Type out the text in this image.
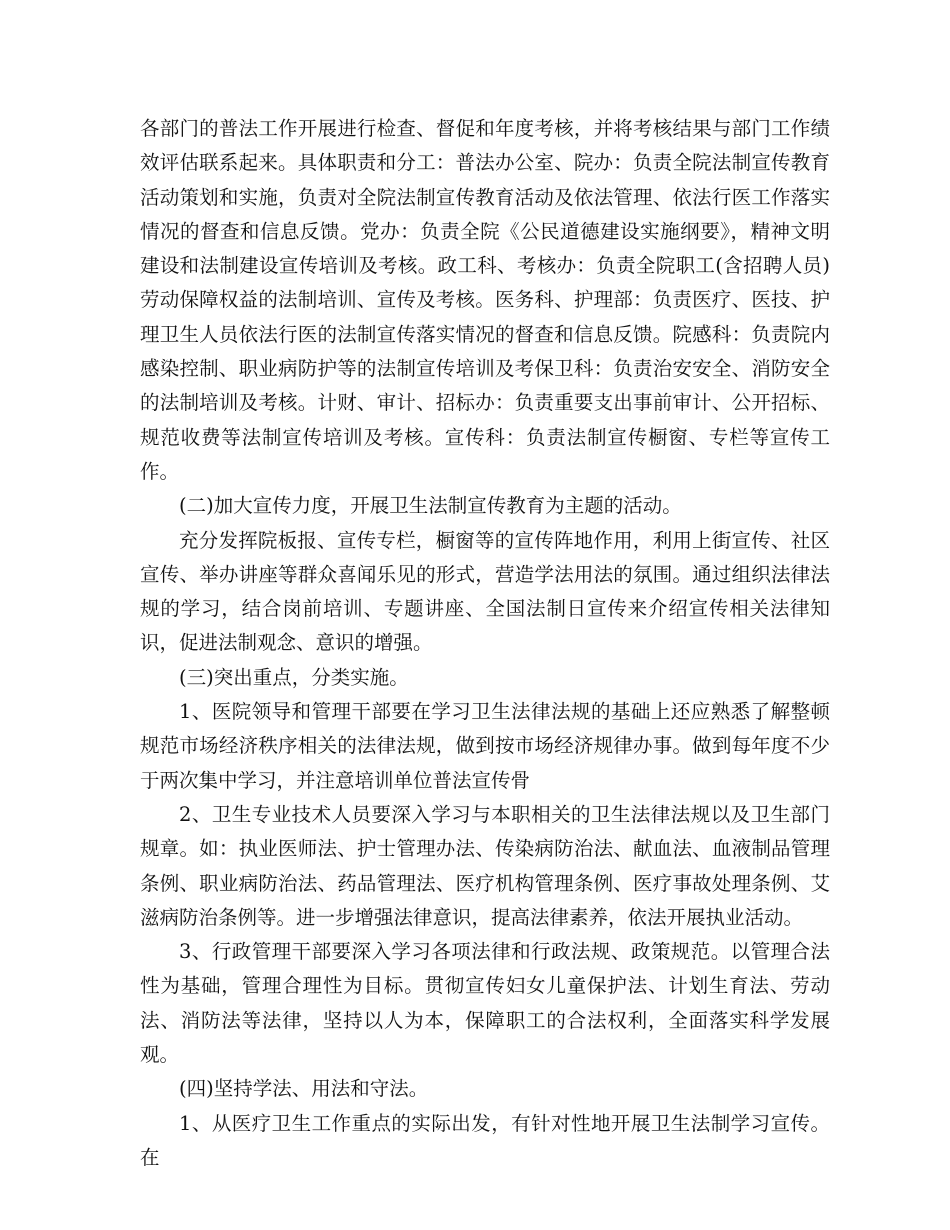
各部门的普法工作开展进行检查、督促和年度考核，并将考核结果与部门工作绩效评估联系起来。具体职责和分工：普法办公室、院办：负责全院法制宣传教育活动策划和实施，负责对全院法制宣传教育活动及依法管理、依法行医工作落实情况的督查和信息反馈。党办：负责全院《公民道德建设实施纲要》，精神文明建设和法制建设宣传培训及考核。政工科、考核办：负责全院职工(含招聘人员)劳动保障权益的法制培训、宣传及考核。医务科、护理部：负责医疗、医技、护理卫生人员依法行医的法制宣传落实情况的督查和信息反馈。院感科：负责院内感染控制、职业病防护等的法制宣传培训及考保卫科：负责治安安全、消防安全的法制培训及考核。计财、审计、招标办：负责重要支出事前审计、公开招标、规范收费等法制宣传培训及考核。宣传科：负责法制宣传橱窗、专栏等宣传工作。

(二)加大宣传力度，开展卫生法制宣传教育为主题的活动。

充分发挥院板报、宣传专栏，橱窗等的宣传阵地作用，利用上街宣传、社区宣传、举办讲座等群众喜闻乐见的形式，营造学法用法的氛围。通过组织法律法规的学习，结合岗前培训、专题讲座、全国法制日宣传来介绍宣传相关法律知识，促进法制观念、意识的增强。

(三)突出重点，分类实施。

1、医院领导和管理干部要在学习卫生法律法规的基础上还应熟悉了解整顿规范市场经济秩序相关的法律法规，做到按市场经济规律办事。做到每年度不少于两次集中学习，并注意培训单位普法宣传骨

2、卫生专业技术人员要深入学习与本职相关的卫生法律法规以及卫生部门规章。如：执业医师法、护士管理办法、传染病防治法、献血法、血液制品管理条例、职业病防治法、药品管理法、医疗机构管理条例、医疗事故处理条例、艾滋病防治条例等。进一步增强法律意识，提高法律素养，依法开展执业活动。

3、行政管理干部要深入学习各项法律和行政法规、政策规范。以管理合法性为基础，管理合理性为目标。贯彻宣传妇女儿童保护法、计划生育法、劳动法、消防法等法律，坚持以人为本，保障职工的合法权利，全面落实科学发展观。

(四)坚持学法、用法和守法。

1、从医疗卫生工作重点的实际出发，有针对性地开展卫生法制学习宣传。在
